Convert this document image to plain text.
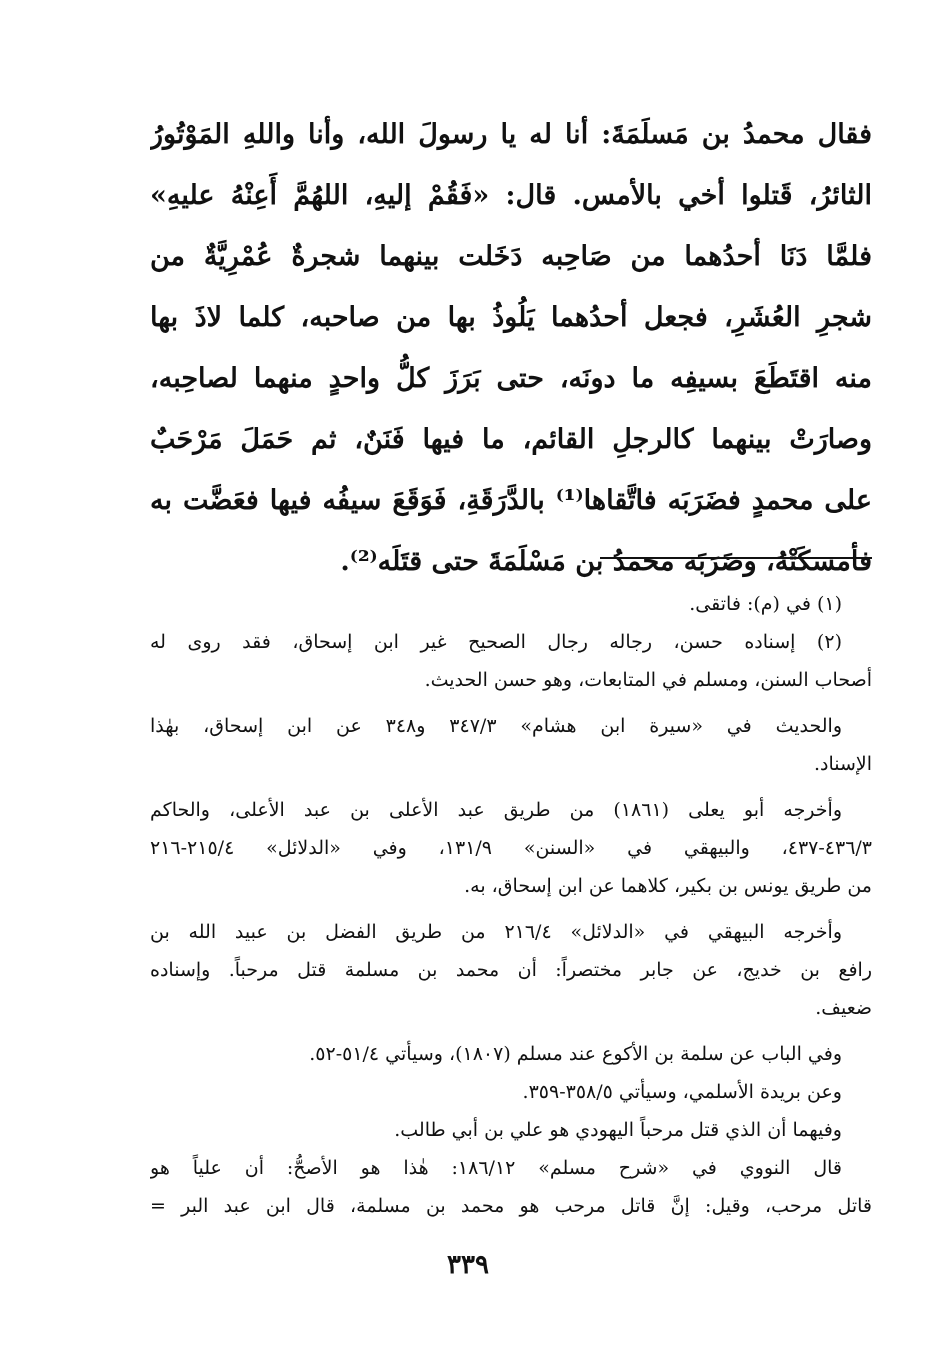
فقال محمدُ بن مَسلَمَةَ: أنا له يا رسولَ الله، وأنا واللهِ المَوْتُورُ
الثائرُ، قَتلوا أخي بالأمس. قال: «فَقُمْ إليهِ، اللهُمَّ أَعِنْهُ عليهِ»
فلمَّا دَنَا أحدُهما من صَاحِبه دَخَلت بينهما شجرةٌ عُمْرِيَّةٌ من
شجرِ العُشَرِ، فجعل أحدُهما يَلُوذُ بها من صاحبه، كلما لاذَ بها
منه اقتَطَعَ بسيفِه ما دونَه، حتى بَرَزَ كلُّ واحدٍ منهما لصاحِبه،
وصارَتْ بينهما كالرجلِ القائم، ما فيها فَنَنٌ، ثم حَمَلَ مَرْحَبٌ
على محمدٍ فضَرَبَه فاتَّقاها⁽¹⁾ بالدَّرَقَةِ، فَوَقَعَ سيفُه فيها فعَضَّت به
فأمسكَتْهُ، وضَرَبَه محمدُ بن مَسْلَمَةَ حتى قتَلَه⁽²⁾.
(١) في (م): فاتقى.
(٢) إسناده حسن، رجاله رجال الصحيح غير ابن إسحاق، فقد روى له
أصحاب السنن، ومسلم في المتابعات، وهو حسن الحديث.
والحديث في «سيرة ابن هشام» ٣٤٧/٣ و٣٤٨ عن ابن إسحاق، بهٰذا
الإسناد.
وأخرجه أبو يعلى (١٨٦١) من طريق عبد الأعلى بن عبد الأعلى، والحاكم
٤٣٦/٣-٤٣٧، والبيهقي في «السنن» ١٣١/٩، وفي «الدلائل» ٢١٥/٤-٢١٦
من طريق يونس بن بكير، كلاهما عن ابن إسحاق، به.
وأخرجه البيهقي في «الدلائل» ٢١٦/٤ من طريق الفضل بن عبيد الله بن
رافع بن خديج، عن جابر مختصراً: أن محمد بن مسلمة قتل مرحباً. وإسناده
ضعيف.
وفي الباب عن سلمة بن الأكوع عند مسلم (١٨٠٧)، وسيأتي ٥١/٤-٥٢.
وعن بريدة الأسلمي، وسيأتي ٣٥٨/٥-٣٥٩.
وفيهما أن الذي قتل مرحباً اليهودي هو علي بن أبي طالب.
قال النووي في «شرح مسلم» ١٨٦/١٢: هٰذا هو الأصحُّ: أن علياً هو
قاتل مرحب، وقيل: إنَّ قاتل مرحب هو محمد بن مسلمة، قال ابن عبد البر =
٣٣٩
